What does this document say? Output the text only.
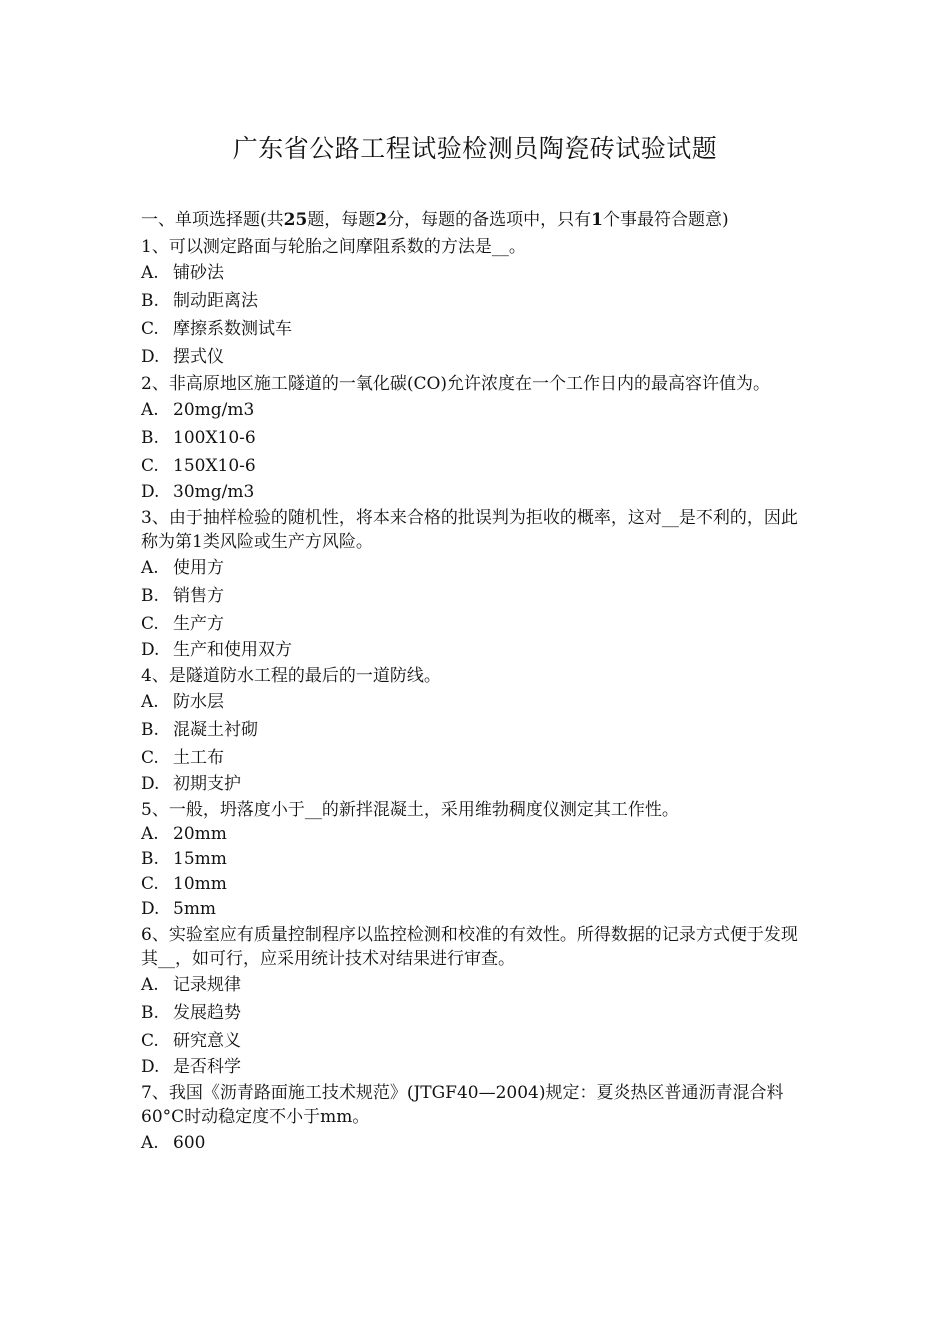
广东省公路工程试验检测员陶瓷砖试验试题
一、单项选择题(共25题，每题2分，每题的备选项中，只有1个事最符合题意)
1、可以测定路面与轮胎之间摩阻系数的方法是__。
A. 铺砂法
B. 制动距离法
C. 摩擦系数测试车
D. 摆式仪
2、非高原地区施工隧道的一氧化碳(CO)允许浓度在一个工作日内的最高容许值为。
A. 20mg/m3
B. 100X10-6
C. 150X10-6
D. 30mg/m3
3、由于抽样检验的随机性，将本来合格的批误判为拒收的概率，这对__是不利的，因此称为第1类风险或生产方风险。
A. 使用方
B. 销售方
C. 生产方
D. 生产和使用双方
4、是隧道防水工程的最后的一道防线。
A. 防水层
B. 混凝土衬砌
C. 土工布
D. 初期支护
5、一般，坍落度小于__的新拌混凝土，采用维勃稠度仪测定其工作性。
A. 20mm
B. 15mm
C. 10mm
D. 5mm
6、实验室应有质量控制程序以监控检测和校准的有效性。所得数据的记录方式便于发现其__，如可行，应采用统计技术对结果进行审查。
A. 记录规律
B. 发展趋势
C. 研究意义
D. 是否科学
7、我国《沥青路面施工技术规范》(JTGF40—2004)规定：夏炎热区普通沥青混合料60°C时动稳定度不小于mm。
A. 600
